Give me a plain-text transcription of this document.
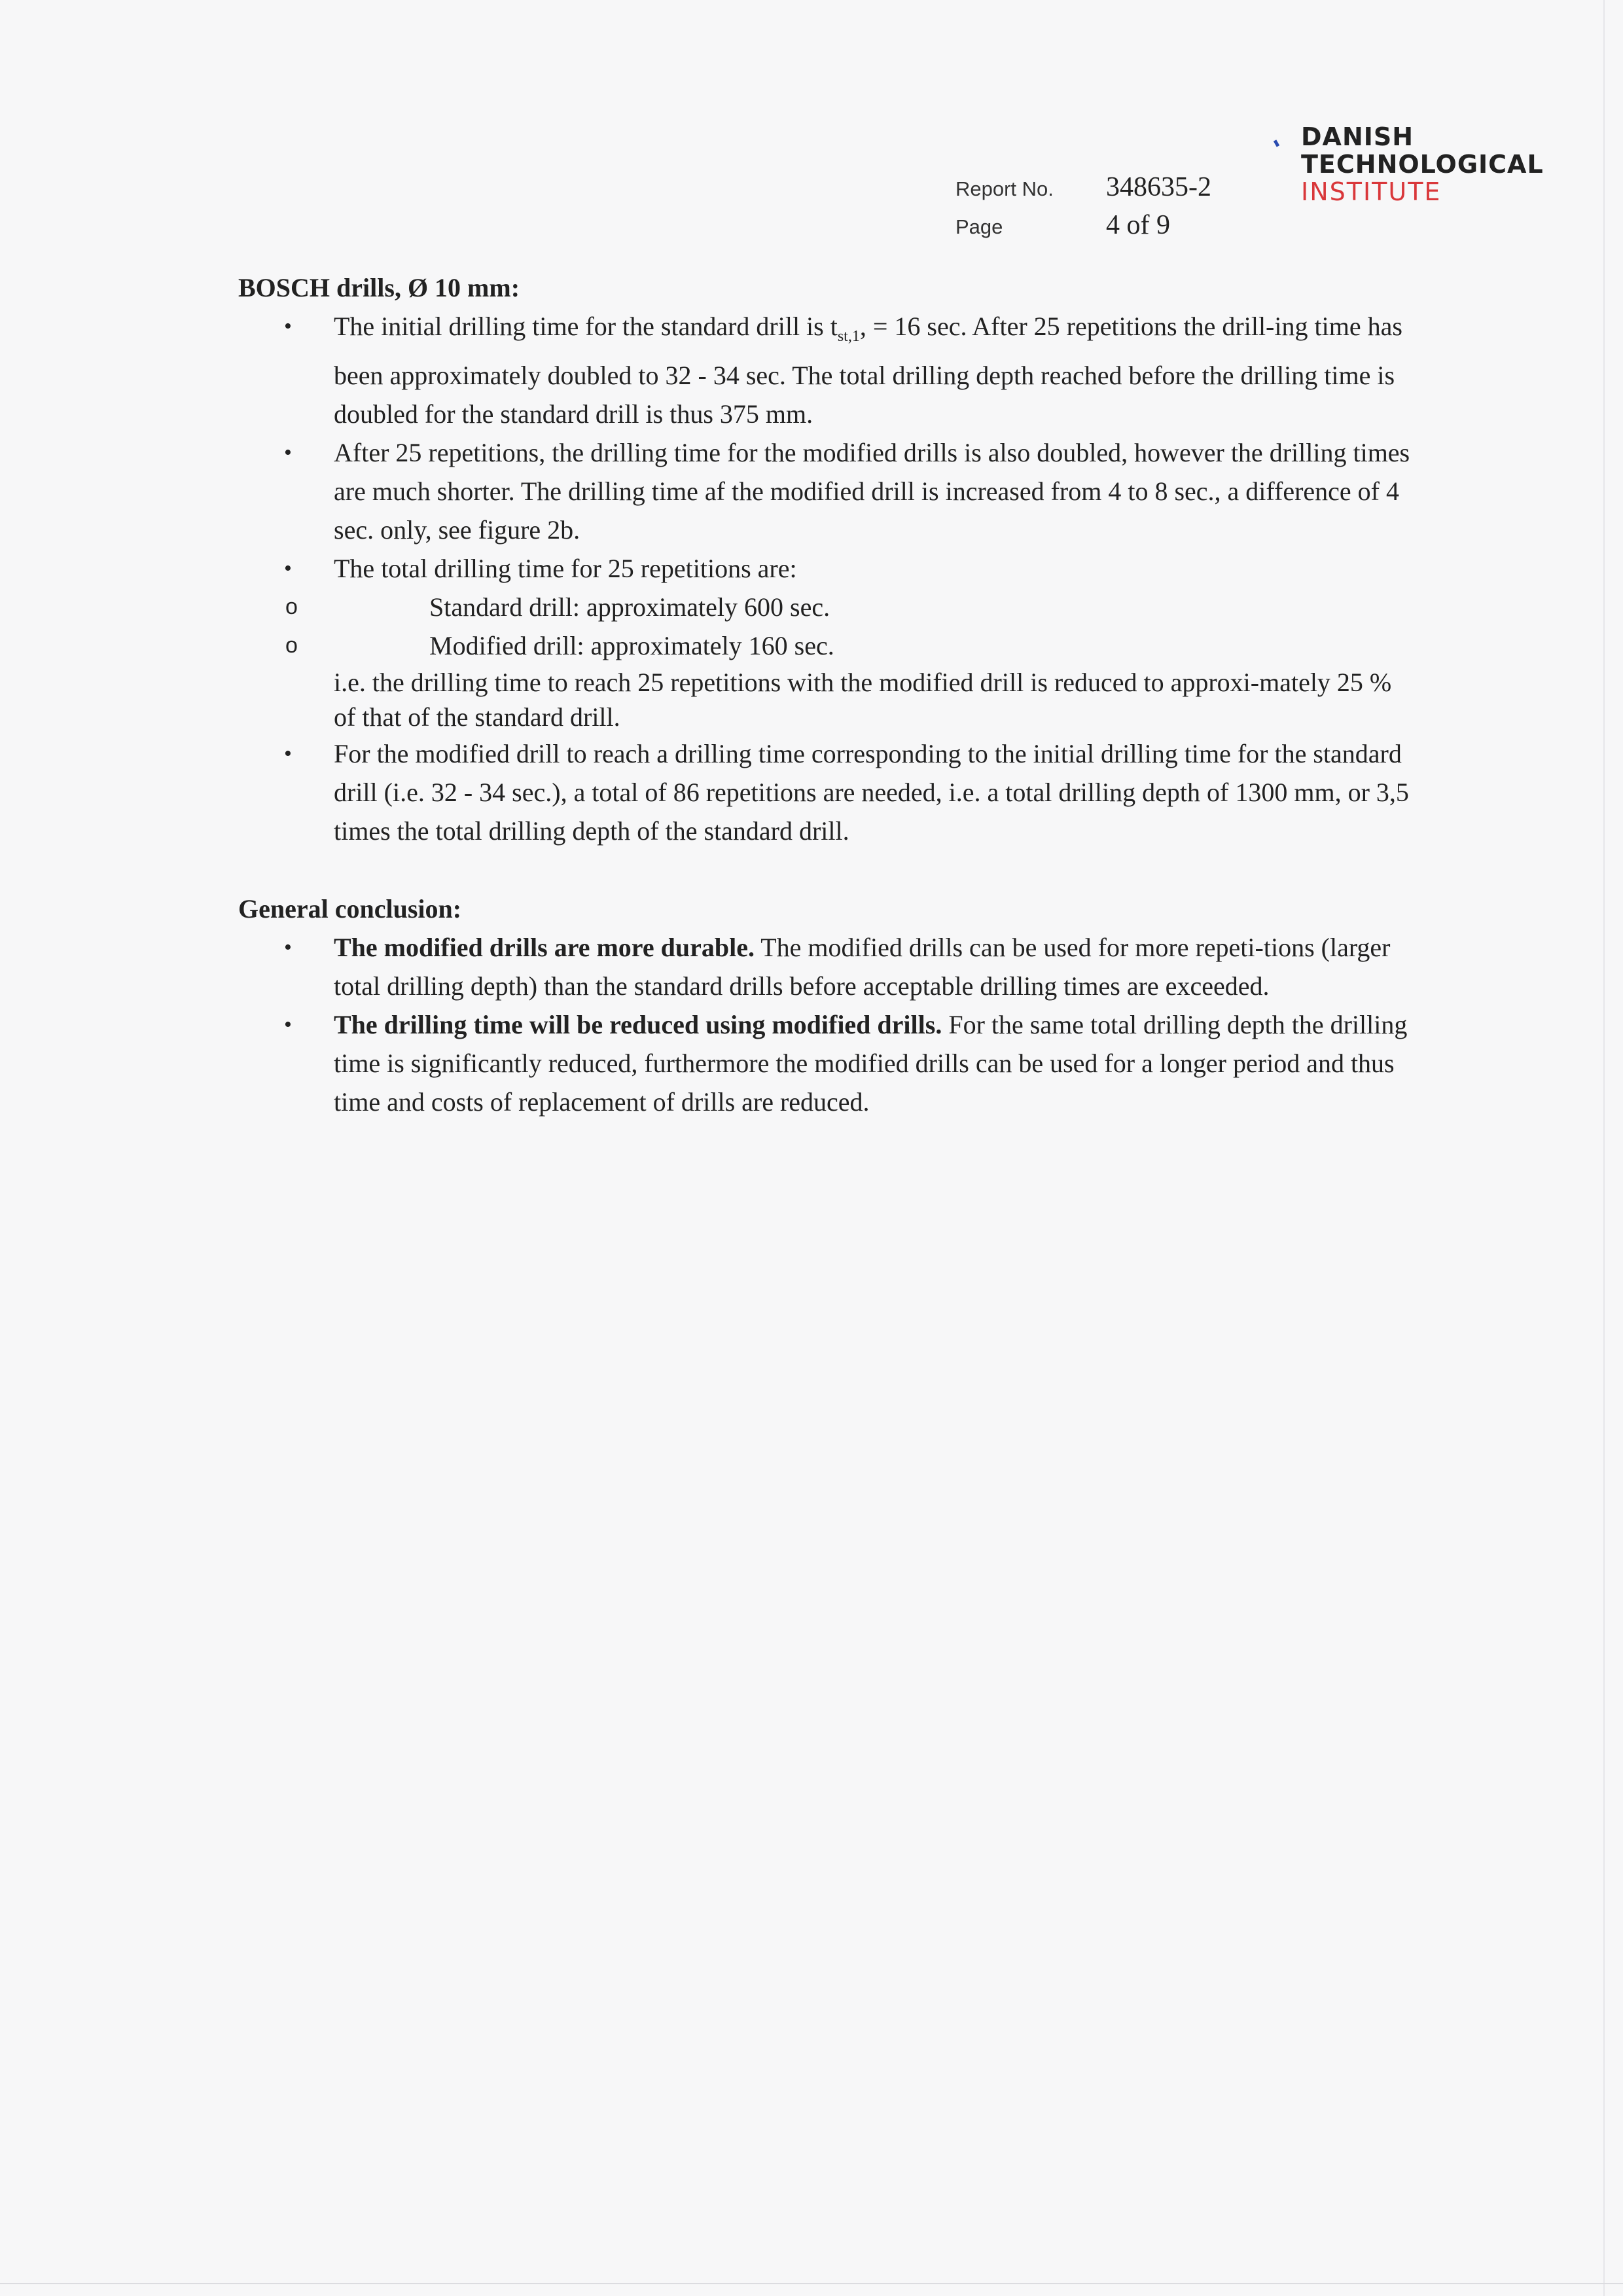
DANISH
TECHNOLOGICAL
INSTITUTE
Report No.	348635-2
Page	4 of 9

BOSCH drills, Ø 10 mm:

• The initial drilling time for the standard drill is $t_{st,1}$, = 16 sec. After 25 repetitions the drill-ing time has been approximately doubled to 32 - 34 sec. The total drilling depth reached before the drilling time is doubled for the standard drill is thus 375 mm.
• After 25 repetitions, the drilling time for the modified drills is also doubled, however the drilling times are much shorter. The drilling time af the modified drill is increased from 4 to 8 sec., a difference of 4 sec. only, see figure 2b.
• The total drilling time for 25 repetitions are:
o	Standard drill: approximately 600 sec.
o	Modified drill: approximately 160 sec.
i.e. the drilling time to reach 25 repetitions with the modified drill is reduced to approxi-mately 25 % of that of the standard drill.
• For the modified drill to reach a drilling time corresponding to the initial drilling time for the standard drill (i.e. 32 - 34 sec.), a total of 86 repetitions are needed, i.e. a total drilling depth of 1300 mm, or 3,5 times the total drilling depth of the standard drill.

General conclusion:

• The modified drills are more durable. The modified drills can be used for more repeti-tions (larger total drilling depth) than the standard drills before acceptable drilling times are exceeded.
• The drilling time will be reduced using modified drills. For the same total drilling depth the drilling time is significantly reduced, furthermore the modified drills can be used for a longer period and thus time and costs of replacement of drills are reduced.
